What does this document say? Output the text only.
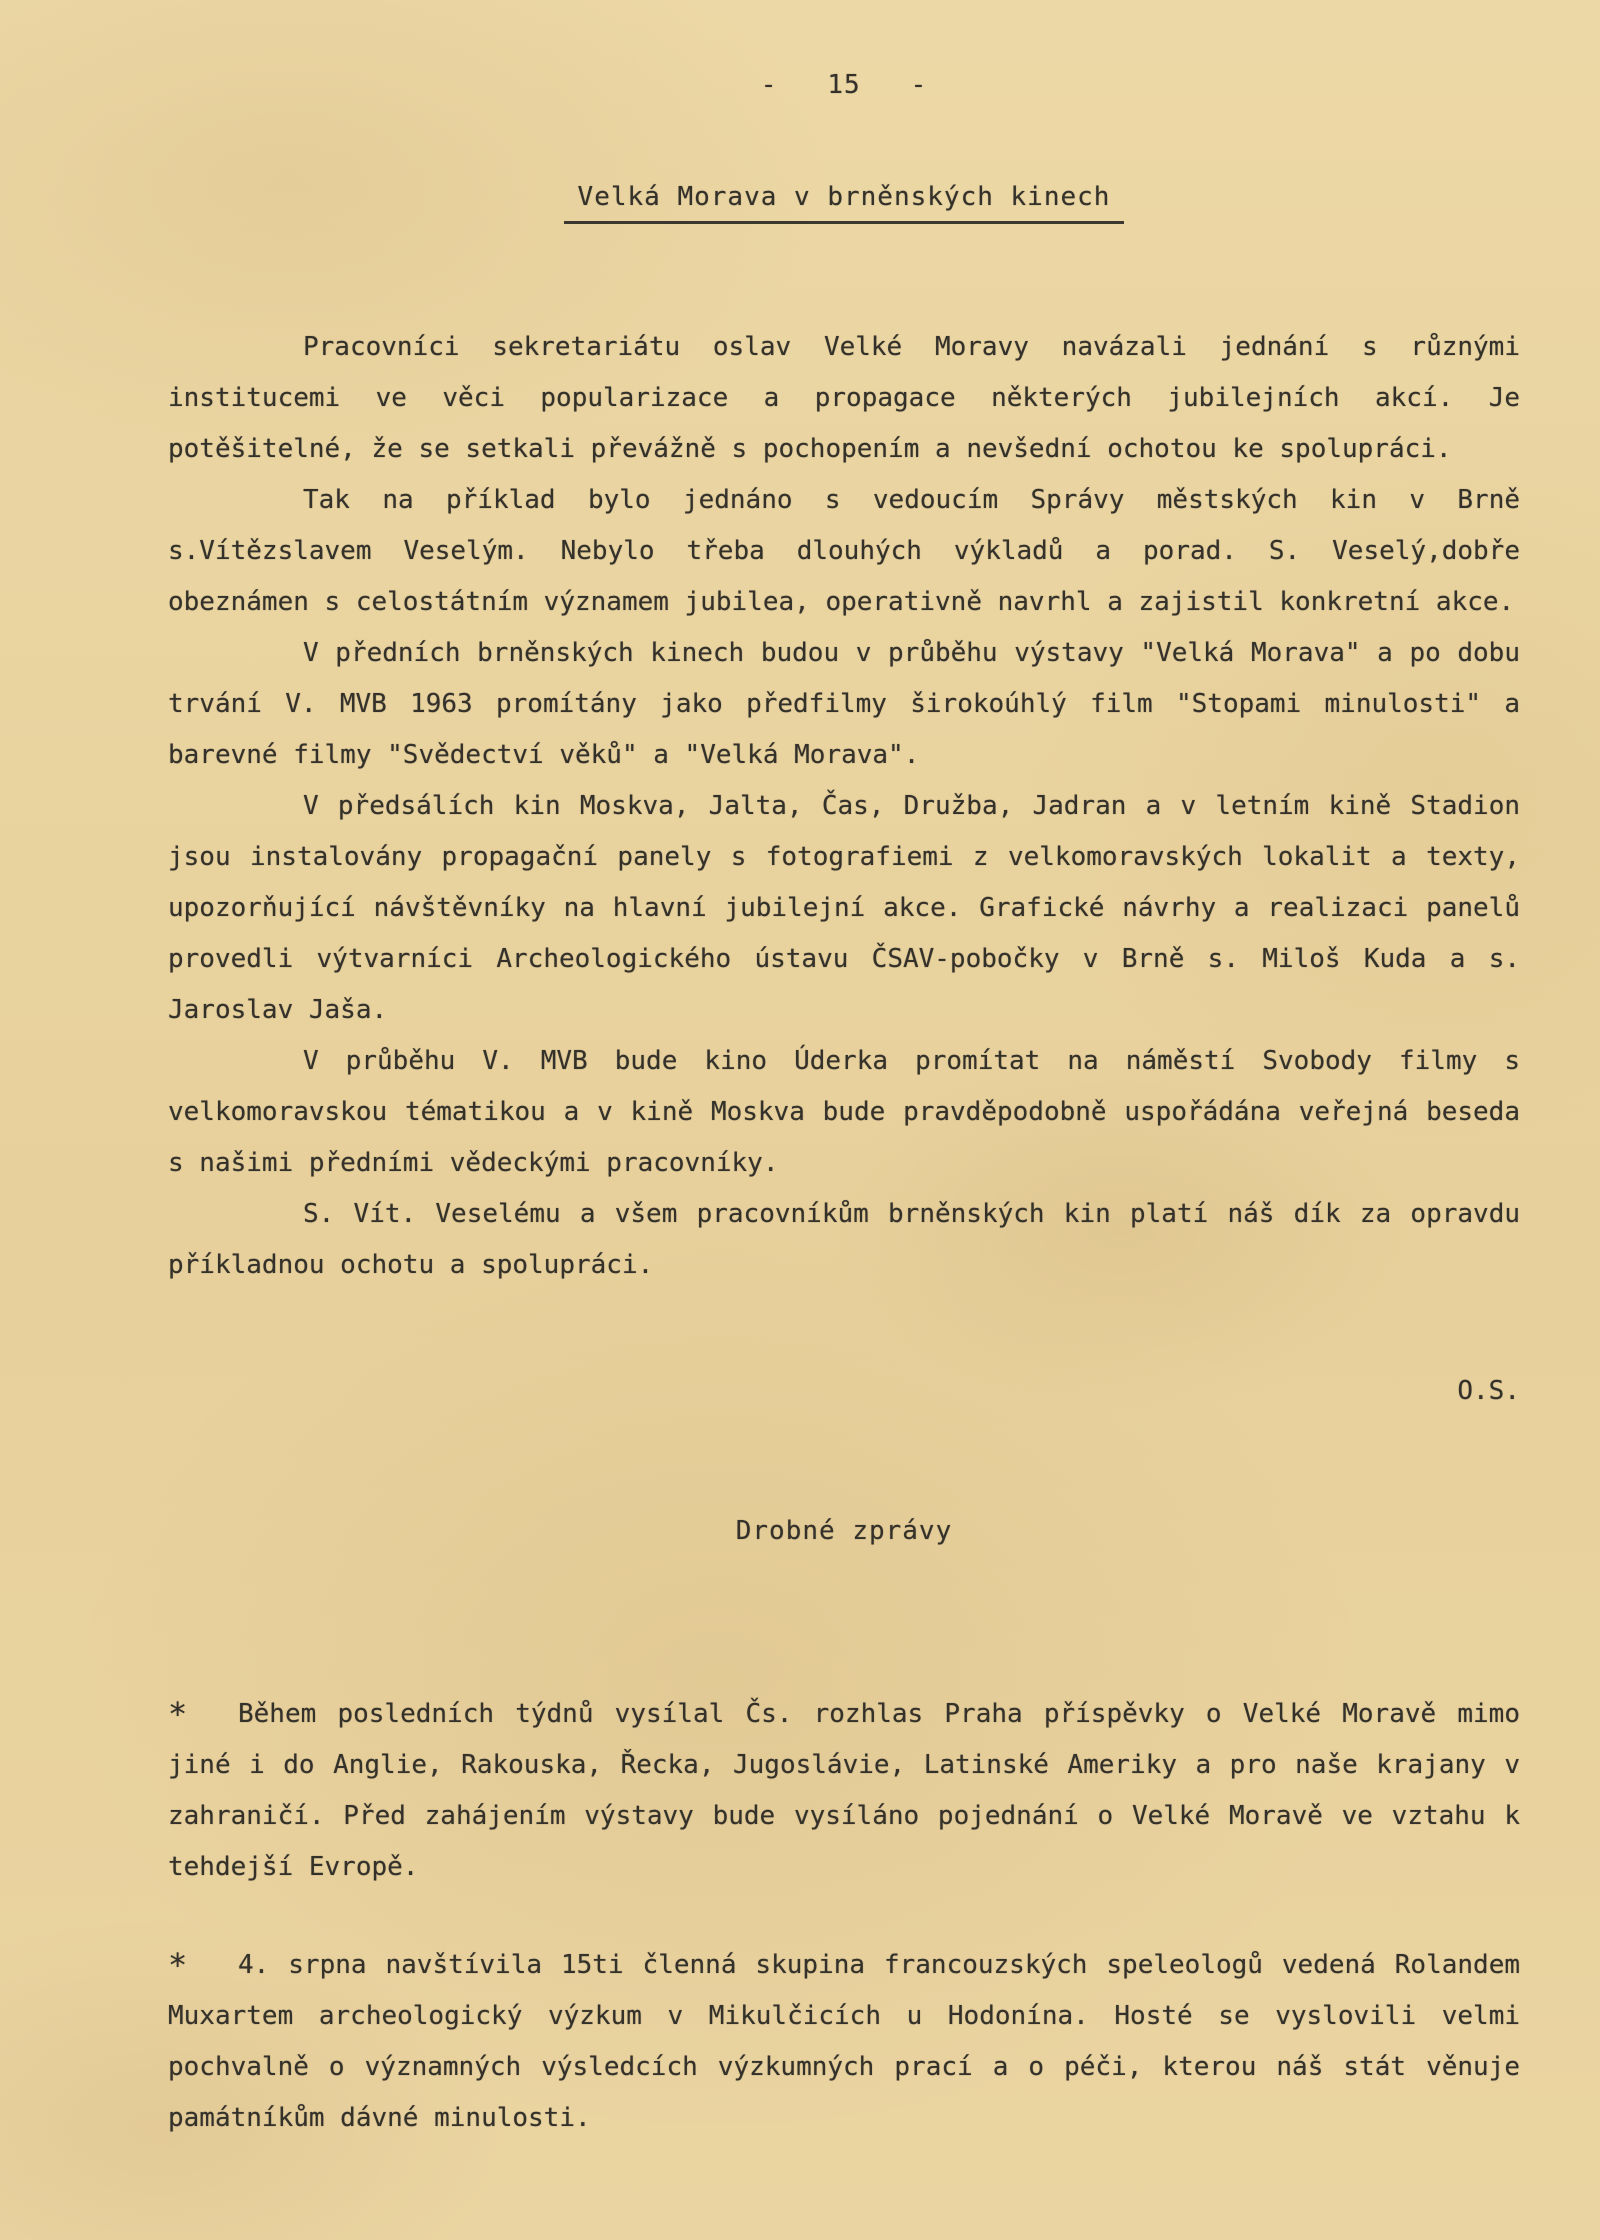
-   15   -
Velká Morava v brněnských kinech

Pracovníci sekretariátu oslav Velké Moravy navázali jednání s různými institucemi ve věci popularizace a propagace některých jubilejních akcí. Je potěšitelné, že se setkali převážně s pochopením a nevšední ochotou ke spolupráci.

Tak na příklad bylo jednáno s vedoucím Správy městských kin v Brně s.Vítězslavem Veselým. Nebylo třeba dlouhých výkladů a porad. S. Veselý,dobře obeznámen s celostátním významem jubilea, operativně navrhl a zajistil konkretní akce.

V předních brněnských kinech budou v průběhu výstavy "Velká Morava" a po dobu trvání V. MVB 1963 promítány jako předfilmy širokoúhlý film "Stopami minulosti" a barevné filmy "Svědectví věků" a "Velká Morava".

V předsálích kin Moskva, Jalta, Čas, Družba, Jadran a v letním kině Stadion jsou instalovány propagační panely s fotografiemi z velkomoravských lokalit a texty, upozorňující návštěvníky na hlavní jubilejní akce. Grafické návrhy a realizaci panelů provedli výtvarníci Archeologického ústavu ČSAV-pobočky v Brně s. Miloš Kuda a s. Jaroslav Jaša.

V průběhu V. MVB bude kino Úderka promítat na náměstí Svobody filmy s velkomoravskou tématikou a v kině Moskva bude pravděpodobně uspořádána veřejná beseda s našimi předními vědeckými pracovníky.

S. Vít. Veselému a všem pracovníkům brněnských kin platí náš dík za opravdu příkladnou ochotu a spolupráci.

O.S.
Drobné zprávy

* Během posledních týdnů vysílal Čs. rozhlas Praha příspěvky o Velké Moravě mimo jiné i do Anglie, Rakouska, Řecka, Jugoslávie, Latinské Ameriky a pro naše krajany v zahraničí. Před zahájením výstavy bude vysíláno pojednání o Velké Moravě ve vztahu k tehdejší Evropě.

* 4. srpna navštívila 15ti členná skupina francouzských speleologů vedená Rolandem Muxartem archeologický výzkum v Mikulčicích u Hodonína. Hosté se vyslovili velmi pochvalně o významných výsledcích výzkumných prací a o péči, kterou náš stát věnuje památníkům dávné minulosti.
